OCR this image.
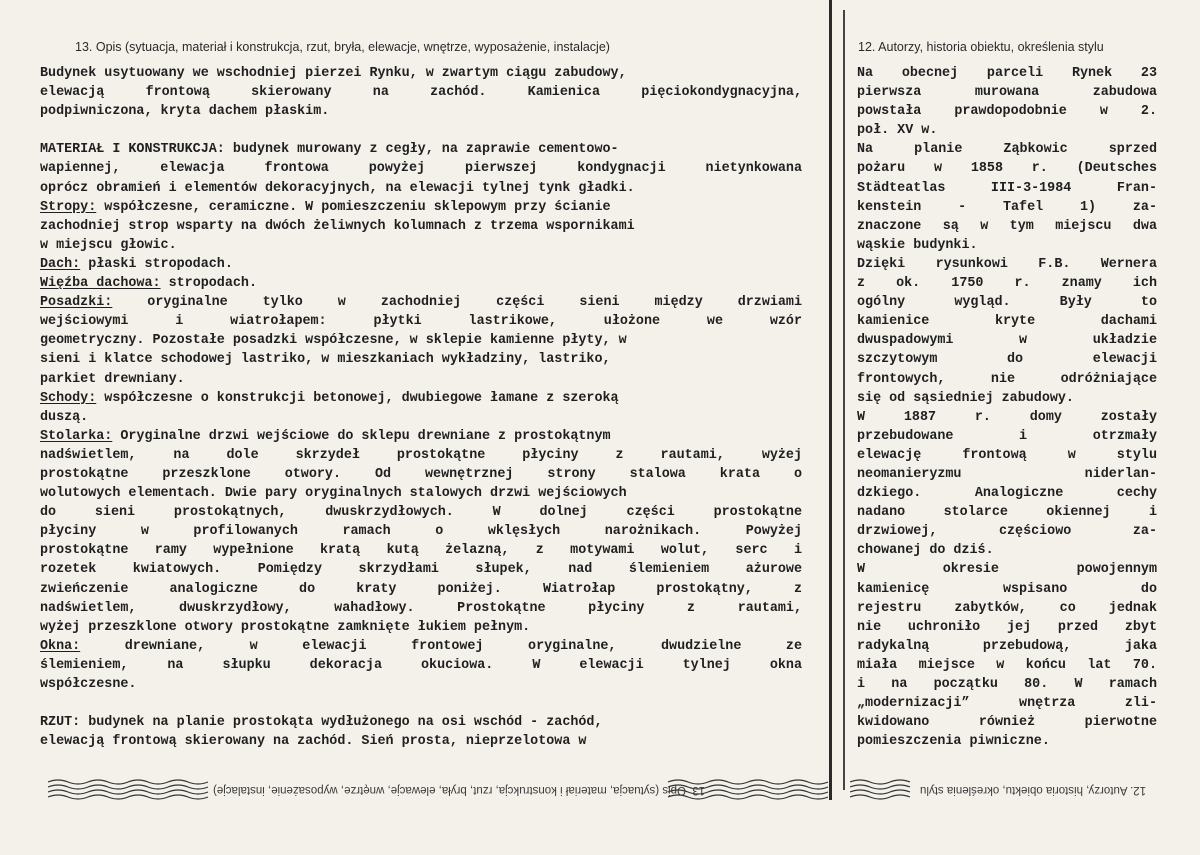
13. Opis (sytuacja, materiał i konstrukcja, rzut, bryła, elewacje, wnętrze, wyposażenie, instalacje)	12. Autorzy, historia obiektu, określenia stylu
Budynek usytuowany we wschodniej pierzei Rynku, w zwartym ciągu zabudowy,
elewacją frontową skierowany na zachód. Kamienica pięciokondygnacyjna,
podpiwniczona, kryta dachem płaskim.
MATERIAŁ I KONSTRUKCJA: budynek murowany z cegły, na zaprawie cementowo-
wapiennej, elewacja frontowa powyżej pierwszej kondygnacji nietynkowana
oprócz obramień i elementów dekoracyjnych, na elewacji tylnej tynk gładki.
Stropy: współczesne, ceramiczne. W pomieszczeniu sklepowym przy ścianie
zachodniej strop wsparty na dwóch żeliwnych kolumnach z trzema wspornikami
w miejscu głowic.
Dach: płaski stropodach.
Więźba dachowa: stropodach.
Posadzki: oryginalne tylko w zachodniej części sieni między drzwiami
wejściowymi i wiatrołapem: płytki lastrikowe, ułożone we wzór
geometryczny. Pozostałe posadzki współczesne, w sklepie kamienne płyty, w
sieni i klatce schodowej lastriko, w mieszkaniach wykładziny, lastriko,
parkiet drewniany.
Schody: współczesne o konstrukcji betonowej, dwubiegowe łamane z szeroką
duszą.
Stolarka: Oryginalne drzwi wejściowe do sklepu drewniane z prostokątnym
nadświetlem, na dole skrzydeł prostokątne płyciny z rautami, wyżej
prostokątne przeszklone otwory. Od wewnętrznej strony stalowa krata o
wolutowych elementach. Dwie pary oryginalnych stalowych drzwi wejściowych
do sieni prostokątnych, dwuskrzydłowych. W dolnej części prostokątne
płyciny w profilowanych ramach o wklęsłych narożnikach. Powyżej
prostokątne ramy wypełnione kratą kutą żelazną, z motywami wolut, serc i
rozetek kwiatowych. Pomiędzy skrzydłami słupek, nad ślemieniem ażurowe
zwieńczenie analogiczne do kraty poniżej. Wiatrołap prostokątny, z
nadświetlem, dwuskrzydłowy, wahadłowy. Prostokątne płyciny z rautami,
wyżej przeszklone otwory prostokątne zamknięte łukiem pełnym.
Okna: drewniane, w elewacji frontowej oryginalne, dwudzielne ze
ślemieniem, na słupku dekoracja okuciowa. W elewacji tylnej okna
współczesne.
RZUT: budynek na planie prostokąta wydłużonego na osi wschód - zachód,
elewacją frontową skierowany na zachód. Sień prosta, nieprzelotowa w
Na obecnej parceli Rynek 23
pierwsza murowana zabudowa
powstała prawdopodobnie w 2.
poł. XV w.
Na planie Ząbkowic sprzed
pożaru w 1858 r. (Deutsches
Städteatlas III-3-1984 Fran-
kenstein - Tafel 1) za-
znaczone są w tym miejscu dwa
wąskie budynki.
Dzięki rysunkowi F.B. Wernera
z ok. 1750 r. znamy ich
ogólny wygląd. Były to
kamienice kryte dachami
dwuspadowymi w układzie
szczytowym do elewacji
frontowych, nie odróżniające
się od sąsiedniej zabudowy.
W 1887 r. domy zostały
przebudowane i otrzmały
elewację frontową w stylu
neomanieryzmu niderlan-
dzkiego. Analogiczne cechy
nadano stolarce okiennej i
drzwiowej, częściowo za-
chowanej do dziś.
W okresie powojennym
kamienicę wspisano do
rejestru zabytków, co jednak
nie uchroniło jej przed zbyt
radykalną przebudową, jaka
miała miejsce w końcu lat 70.
i na początku 80. W ramach
„modernizacji” wnętrza zli-
kwidowano również pierwotne
pomieszczenia piwniczne.
13. Opis (sytuacja, materiał i konstrukcja, rzut, bryła, elewacje, wnętrze, wyposażenie, instalacje)	12. Autorzy, historia obiektu, określenia stylu
